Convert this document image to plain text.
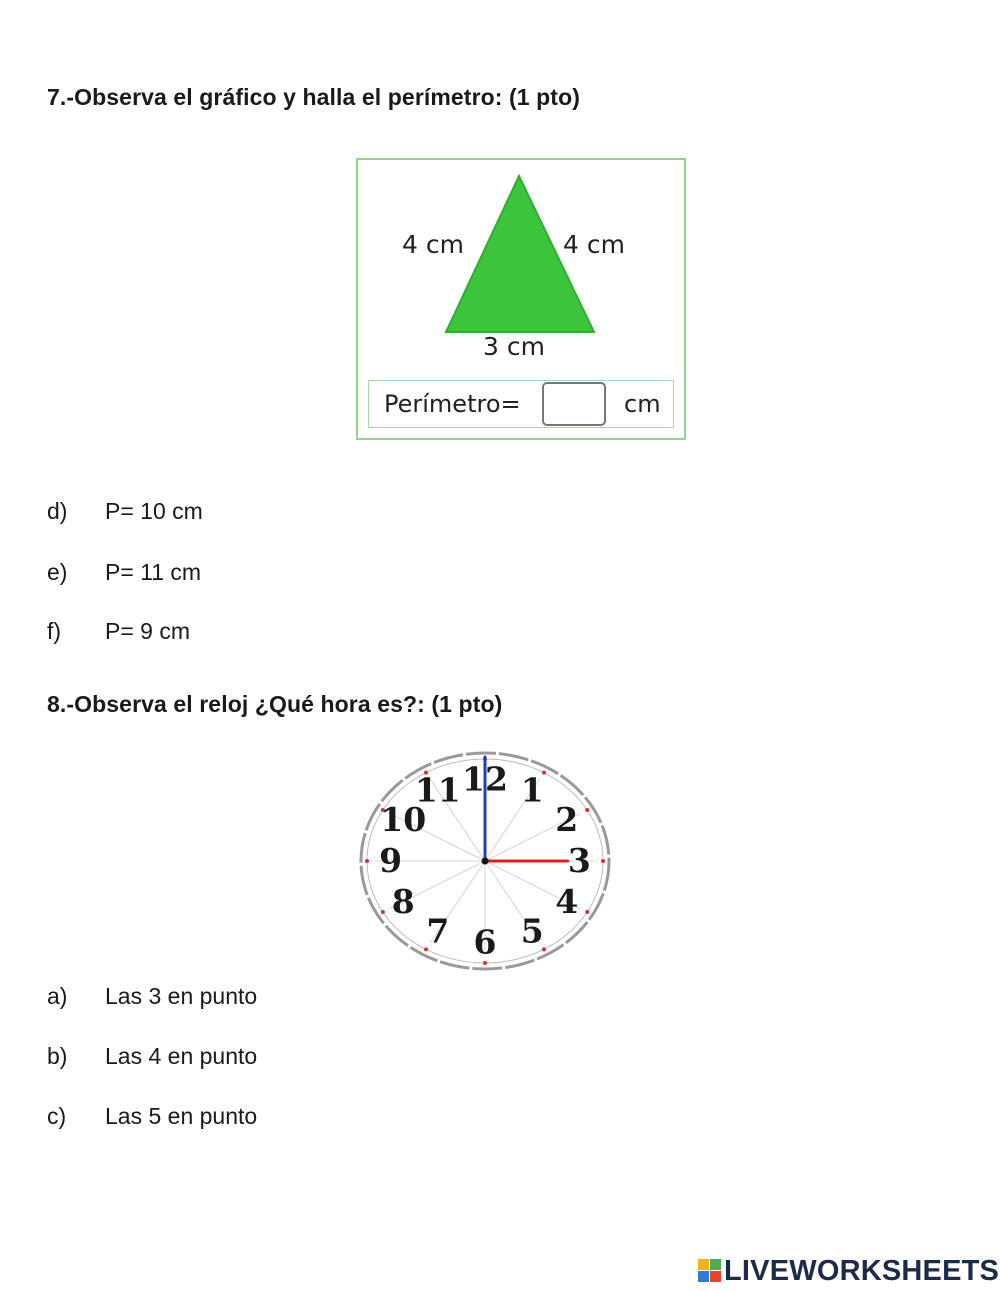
7.-Observa el gráfico y halla el perímetro: (1 pto)
4 cm	4 cm
3 cm
Perímetro=	cm
d) P= 10 cm
e) P= 11 cm
f) P= 9 cm
8.-Observa el reloj ¿Qué hora es?: (1 pto)
12 1
2
3
4
5
6
7
8
9
10
11
a) Las 3 en punto
b) Las 4 en punto
c) Las 5 en punto
LIVEWORKSHEETS
